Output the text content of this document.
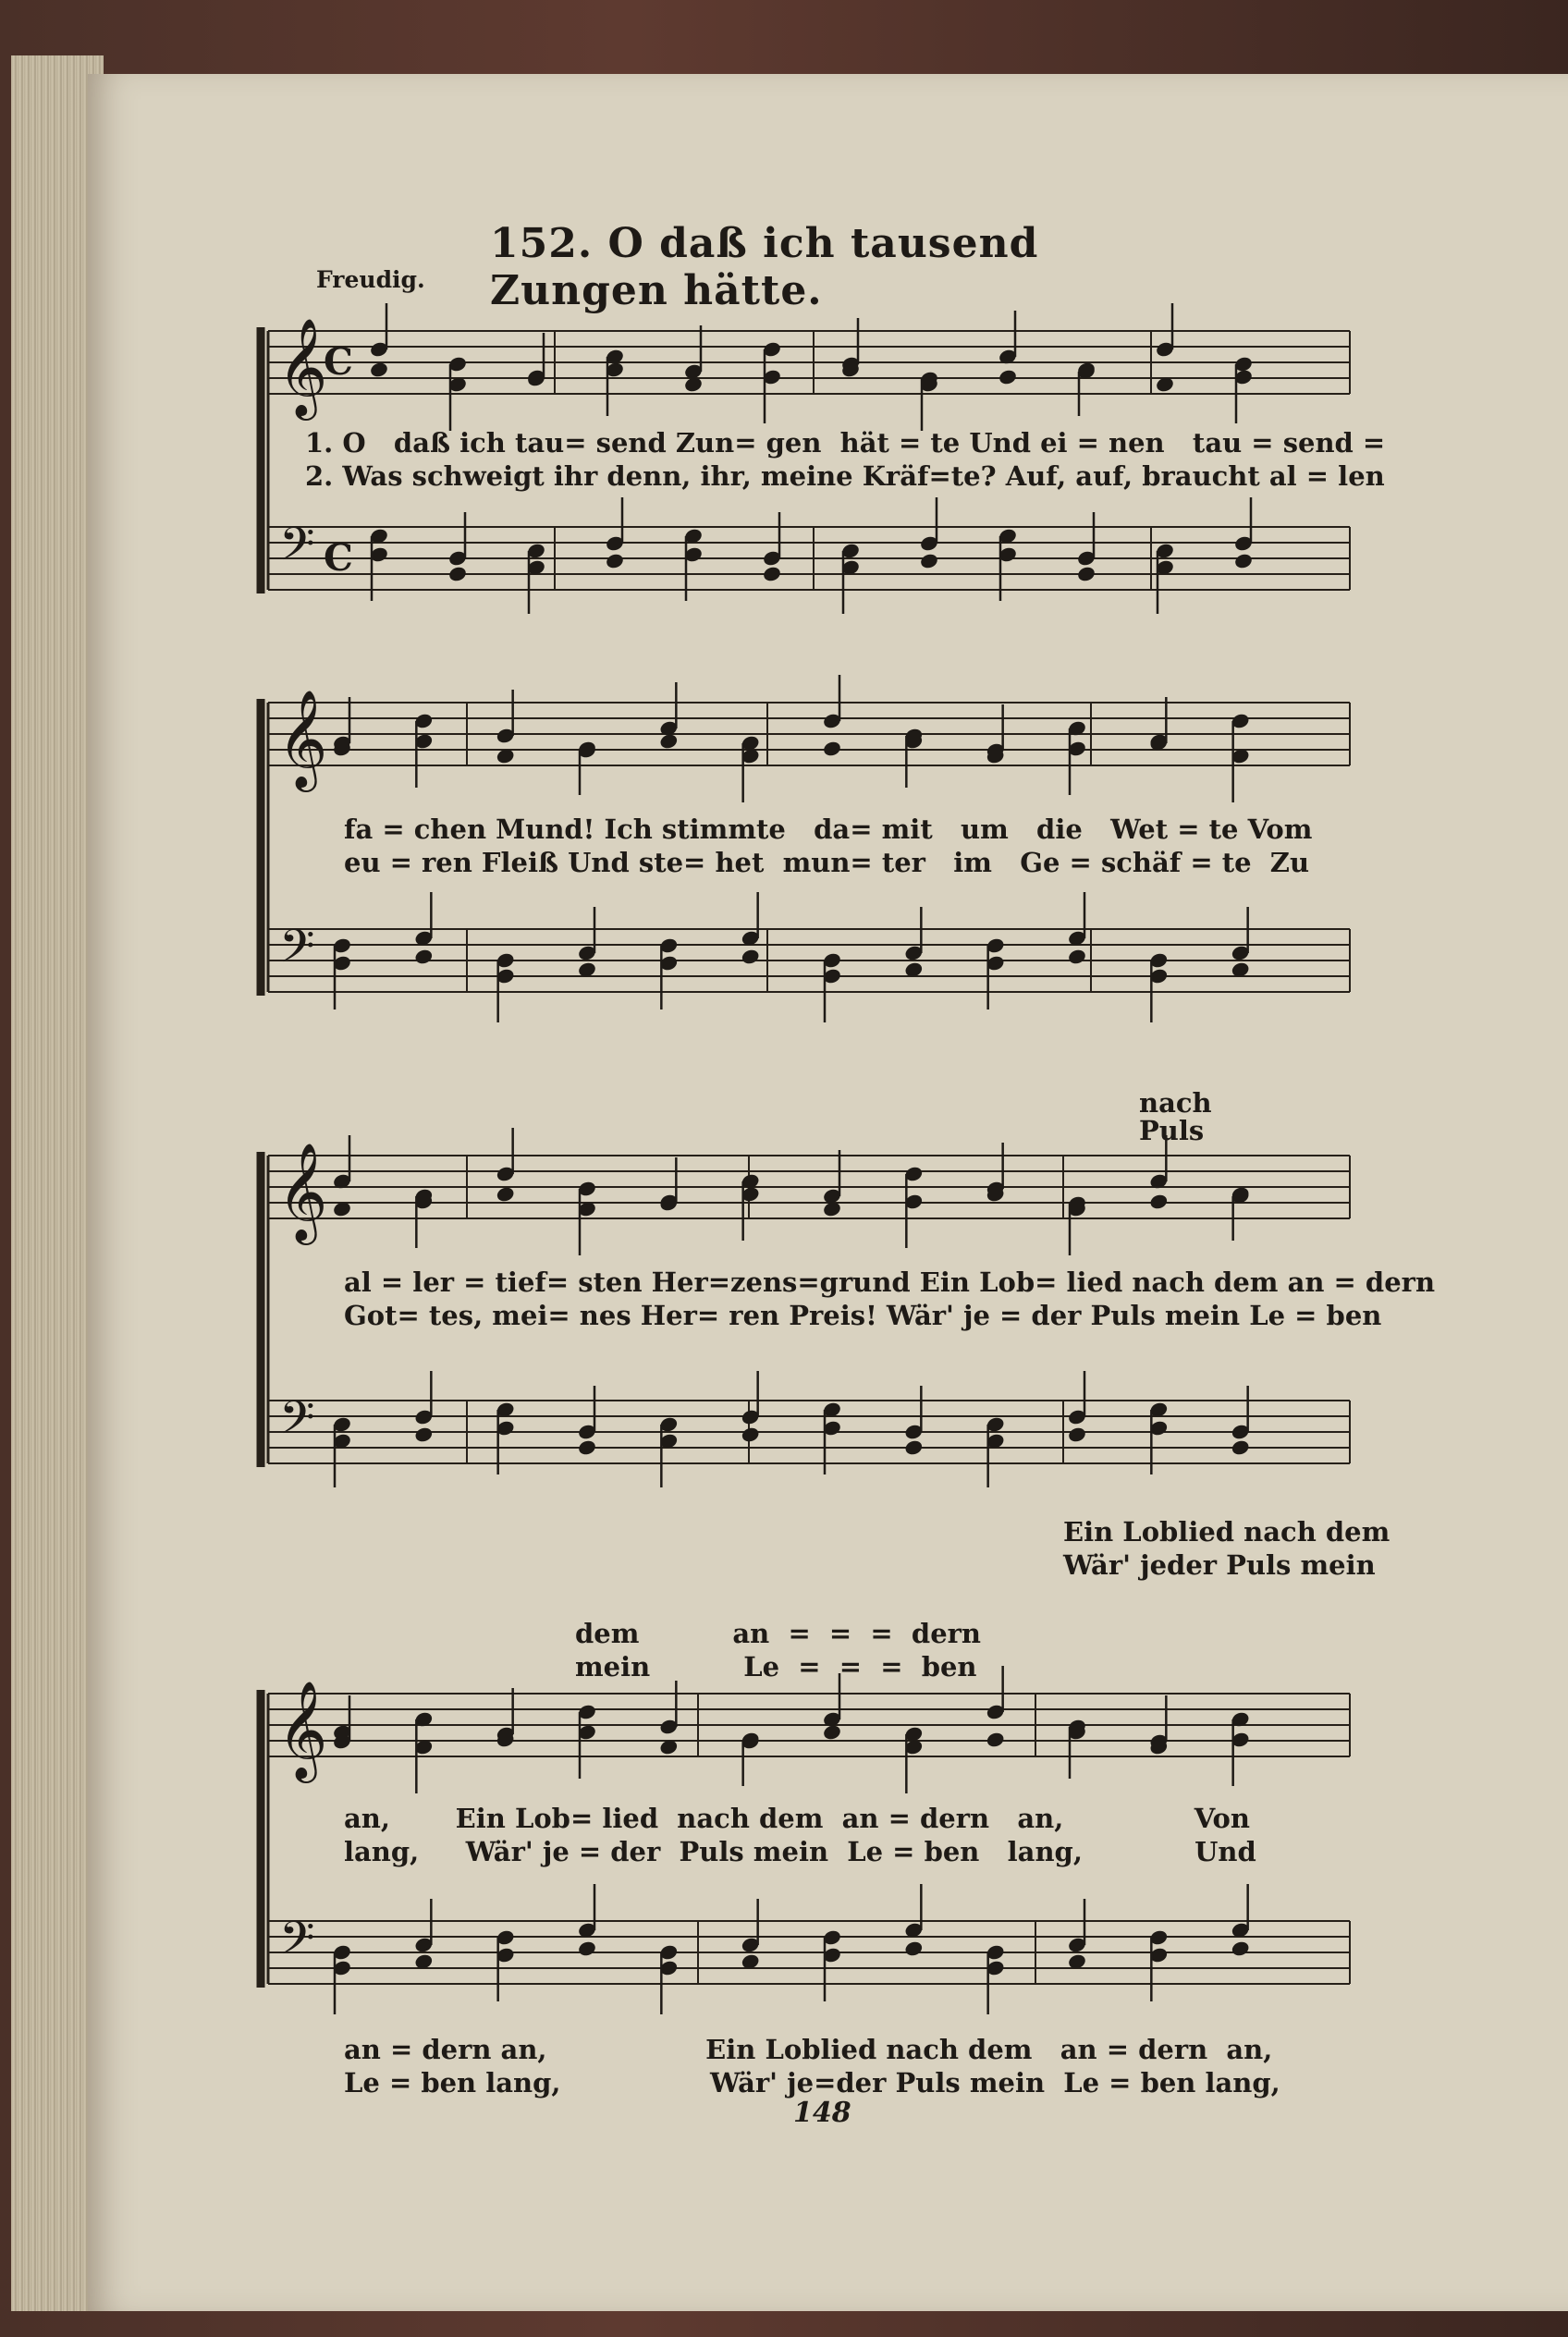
152. O daß ich tausend Zungen hätte.
Freudig.
𝄞
𝄢
C
C
𝄞
𝄢
𝄞
𝄢
𝄞
𝄢
1. O   daß ich tau= send Zun= gen  hät = te Und ei = nen   tau = send =
2. Was schweigt ihr denn, ihr, meine Kräf=te? Auf, auf, braucht al = len
fa = chen Mund! Ich stimmte   da= mit   um   die   Wet = te Vom
eu = ren Fleiß Und ste= het  mun= ter   im   Ge = schäf = te  Zu
nach
Puls
al = ler = tief= sten Her=zens=grund Ein Lob= lied nach dem an = dern
Got= tes, mei= nes Her= ren Preis! Wär' je = der Puls mein Le = ben
Ein Loblied nach dem
Wär' jeder Puls mein
dem          an  =  =  =  dern
mein          Le  =  =  =  ben
an,       Ein Lob= lied  nach dem  an = dern   an,              Von
lang,     Wär' je = der  Puls mein  Le = ben   lang,            Und
an = dern an,                 Ein Loblied nach dem   an = dern  an,
Le = ben lang,                Wär' je=der Puls mein  Le = ben lang,
148
